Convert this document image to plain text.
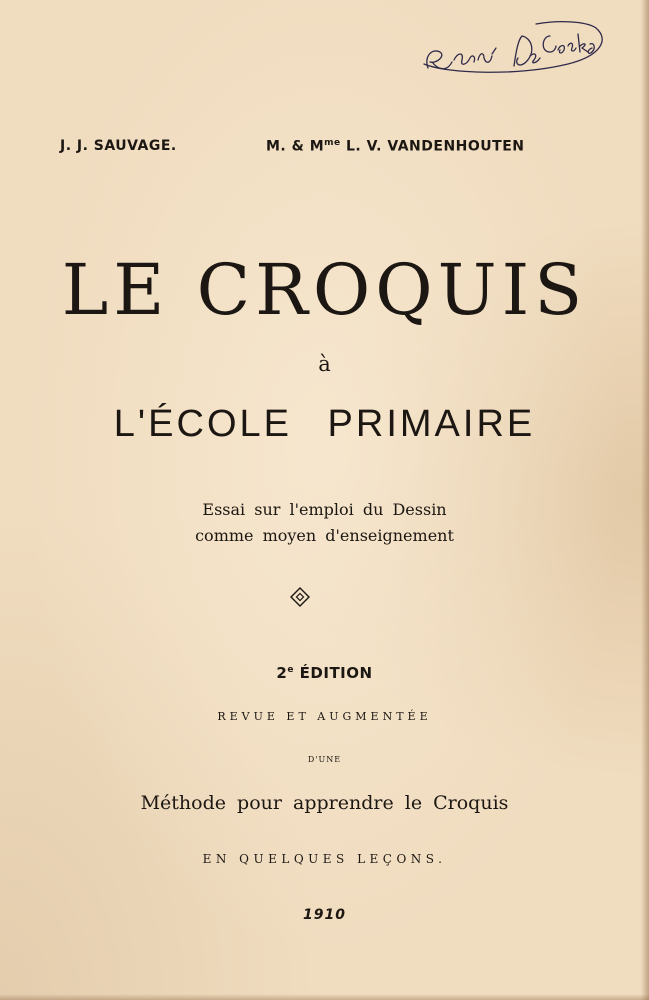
J. J. SAUVAGE.	M. & $M^{me}$ L. V. VANDENHOUTEN
LE CROQUIS
à
L'ÉCOLE PRIMAIRE
Essai sur l'emploi du Dessin
comme moyen d'enseignement
2e ÉDITION
REVUE ET AUGMENTÉE
D'UNE
Méthode pour apprendre le Croquis
EN QUELQUES LEÇONS.
1910
